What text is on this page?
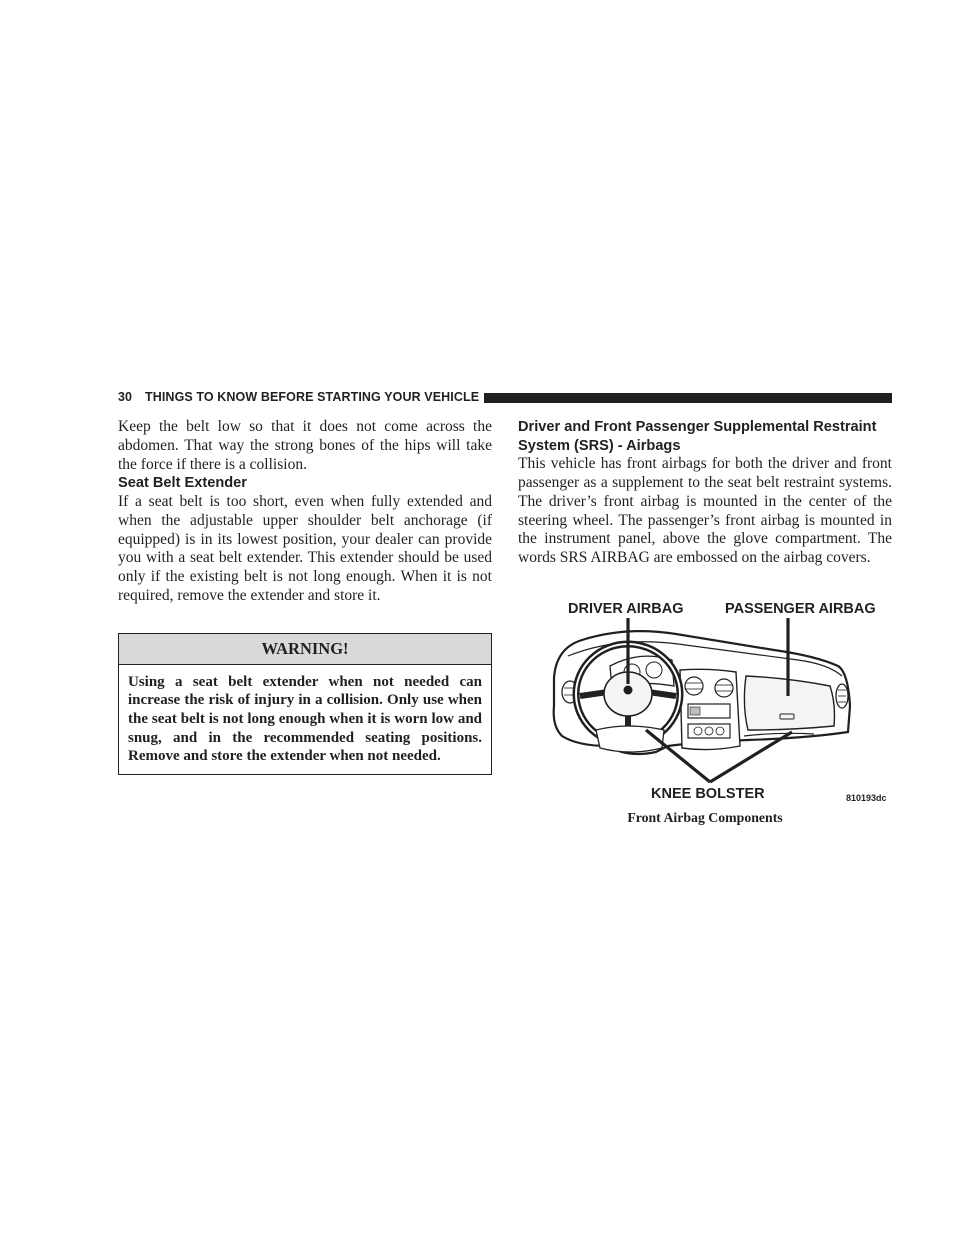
30 THINGS TO KNOW BEFORE STARTING YOUR VEHICLE

Keep the belt low so that it does not come across the abdomen. That way the strong bones of the hips will take the force if there is a collision.

Seat Belt Extender

If a seat belt is too short, even when fully extended and when the adjustable upper shoulder belt anchorage (if equipped) is in its lowest position, your dealer can provide you with a seat belt extender. This extender should be used only if the existing belt is not long enough. When it is not required, remove the extender and store it.

WARNING!
Using a seat belt extender when not needed can increase the risk of injury in a collision. Only use when the seat belt is not long enough when it is worn low and snug, and in the recommended seating positions. Remove and store the extender when not needed.
Driver and Front Passenger Supplemental Restraint System (SRS) - Airbags

This vehicle has front airbags for both the driver and front passenger as a supplement to the seat belt restraint systems. The driver’s front airbag is mounted in the center of the steering wheel. The passenger’s front airbag is mounted in the instrument panel, above the glove compartment. The words SRS AIRBAG are embossed on the airbag covers.

DRIVER AIRBAG	PASSENGER AIRBAG
KNEE BOLSTER	810193dc
Front Airbag Components
